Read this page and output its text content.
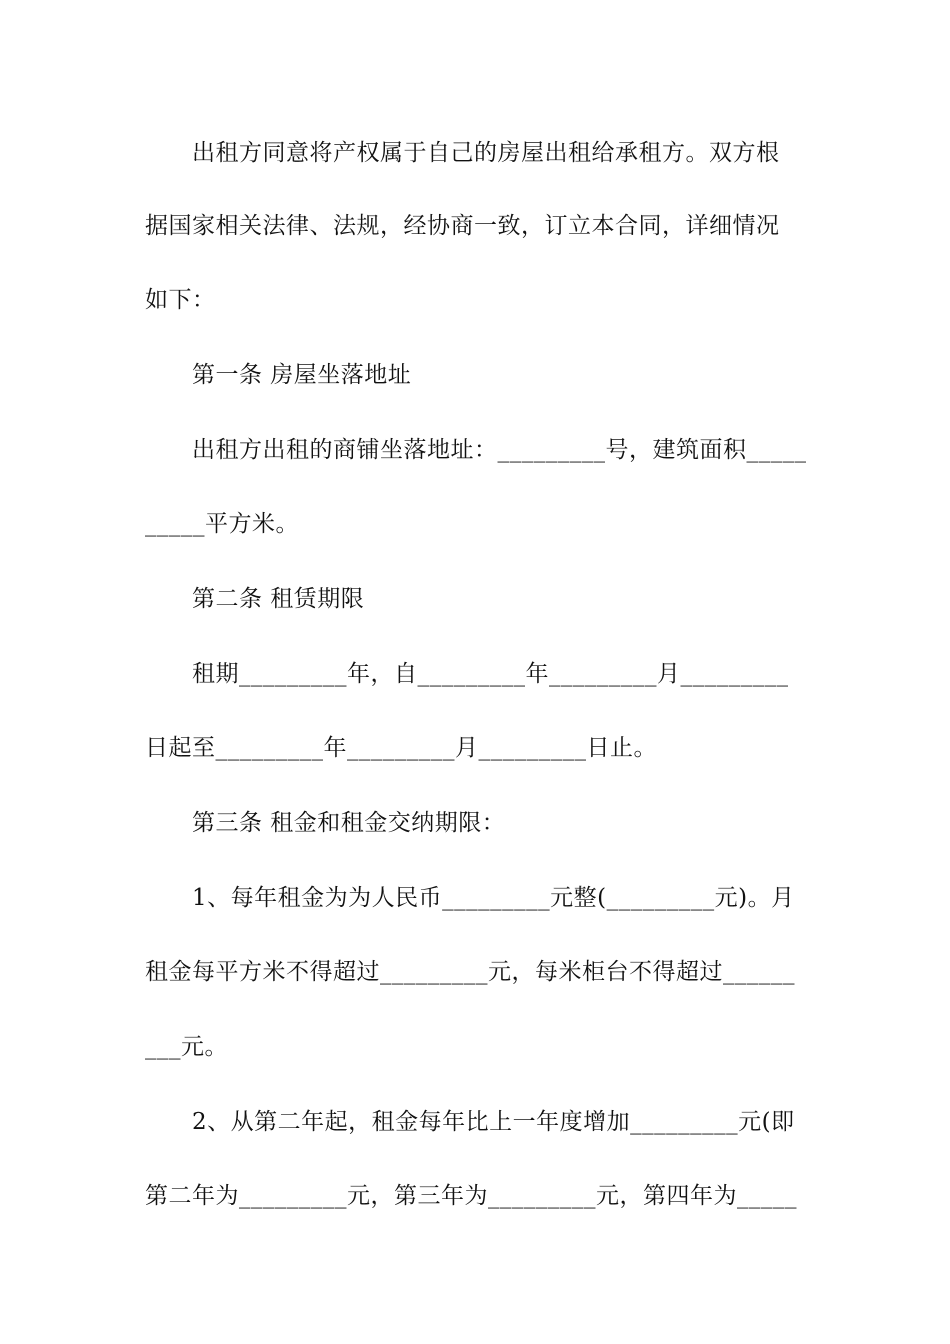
　　出租方同意将产权属于自己的房屋出租给承租方。双方根
据国家相关法律、法规，经协商一致，订立本合同，详细情况
如下：
　　第一条 房屋坐落地址
　　出租方出租的商铺坐落地址：_________号，建筑面积_____
_____平方米。
　　第二条 租赁期限
　　租期_________年，自_________年_________月_________
日起至_________年_________月_________日止。
　　第三条 租金和租金交纳期限：
　　1、每年租金为为人民币_________元整(_________元)。月
租金每平方米不得超过_________元，每米柜台不得超过______
___元。
　　2、从第二年起，租金每年比上一年度增加_________元(即
第二年为_________元，第三年为_________元，第四年为_____
